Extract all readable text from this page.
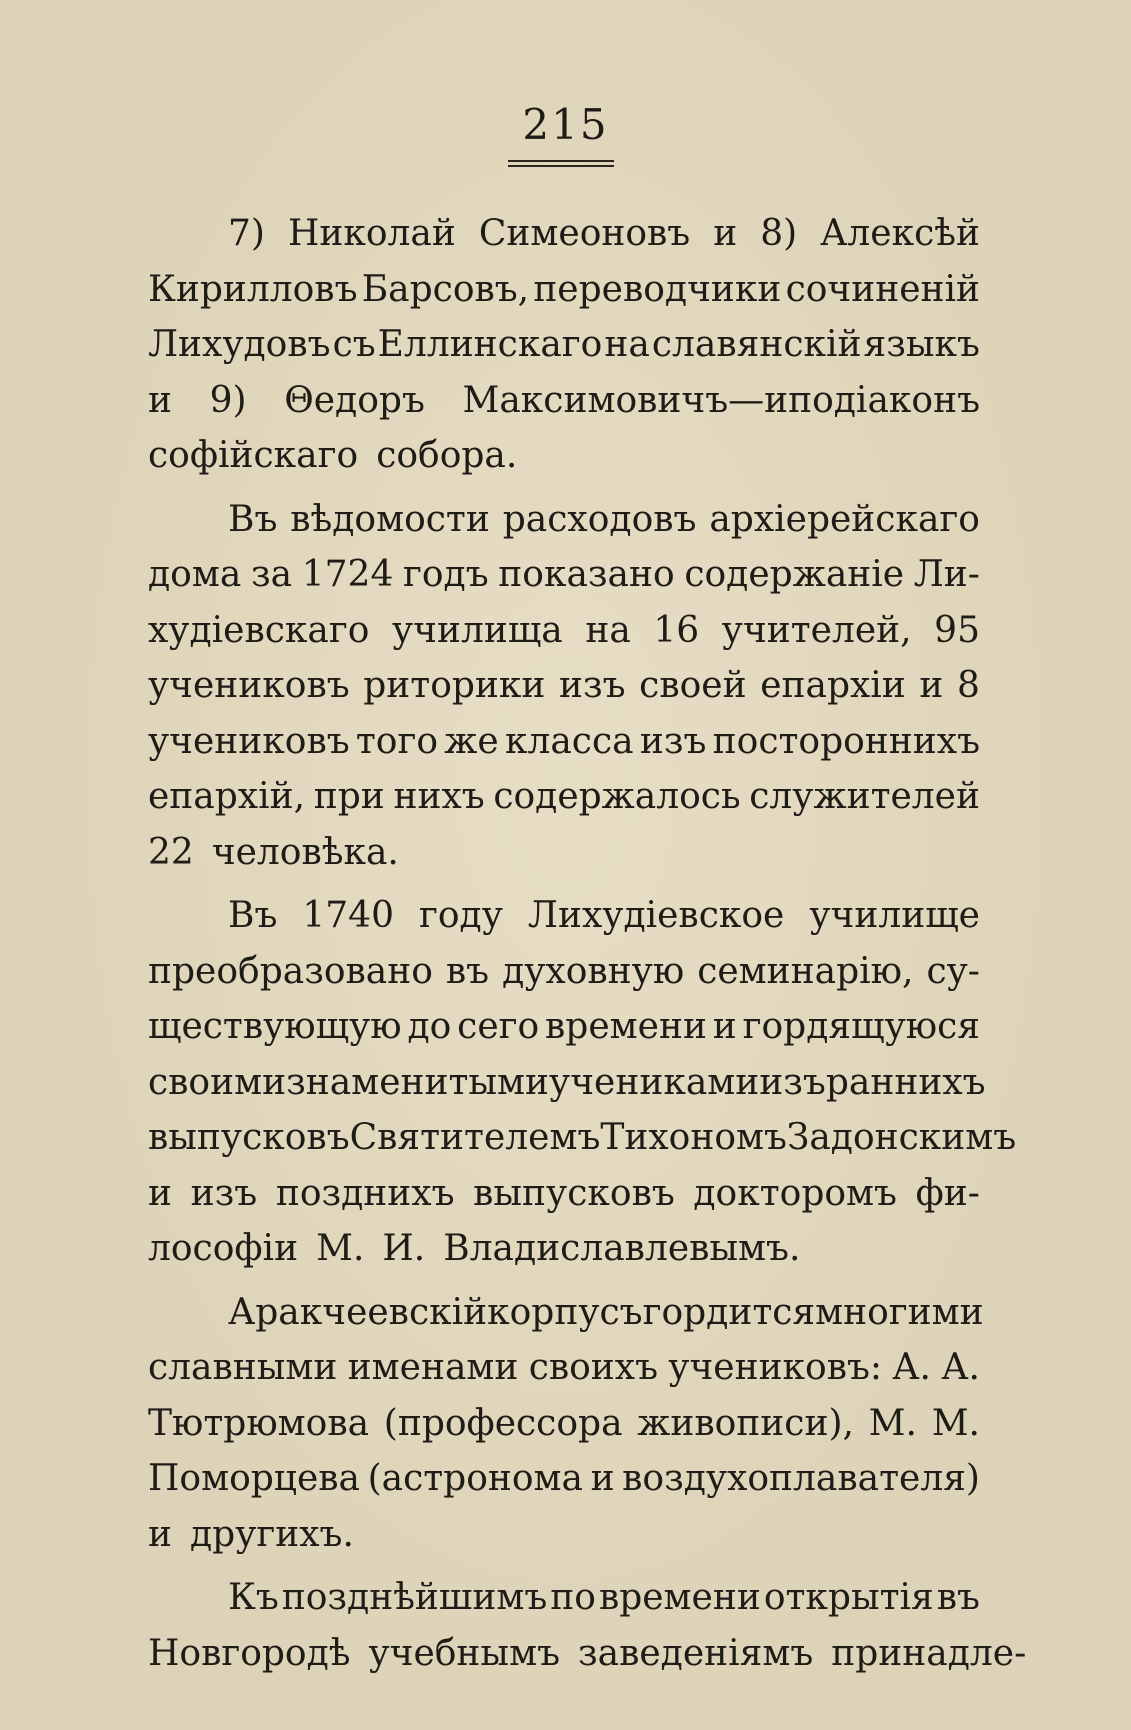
215
7) Николай Симеоновъ и 8) Алексѣй
Кирилловъ Барсовъ, переводчики сочиненій
Лихудовъ съ Еллинскаго на славянскій языкъ
и 9) Θедоръ Максимовичъ—иподіаконъ
софійскаго собора.
Въ вѣдомости расходовъ архіерейскаго
дома за 1724 годъ показано содержаніе Ли-
худіевскаго училища на 16 учителей, 95
учениковъ риторики изъ своей епархіи и 8
учениковъ того же класса изъ постороннихъ
епархій, при нихъ содержалось служителей
22 человѣка.
Въ 1740 году Лихудіевское училище
преобразовано въ духовную семинарію, су-
ществующую до сего времени и гордящуюся
своими знаменитыми учениками изъ раннихъ
выпусковъ Святителемъ Тихономъ Задонскимъ
и изъ позднихъ выпусковъ докторомъ фи-
лософіи М. И. Владиславлевымъ.
Аракчеевскій корпусъ гордится многими
славными именами своихъ учениковъ: А. А.
Тютрюмова (профессора живописи), М. М.
Поморцева (астронома и воздухоплавателя)
и другихъ.
Къ позднѣйшимъ по времени открытія въ
Новгородѣ учебнымъ заведеніямъ принадле-
